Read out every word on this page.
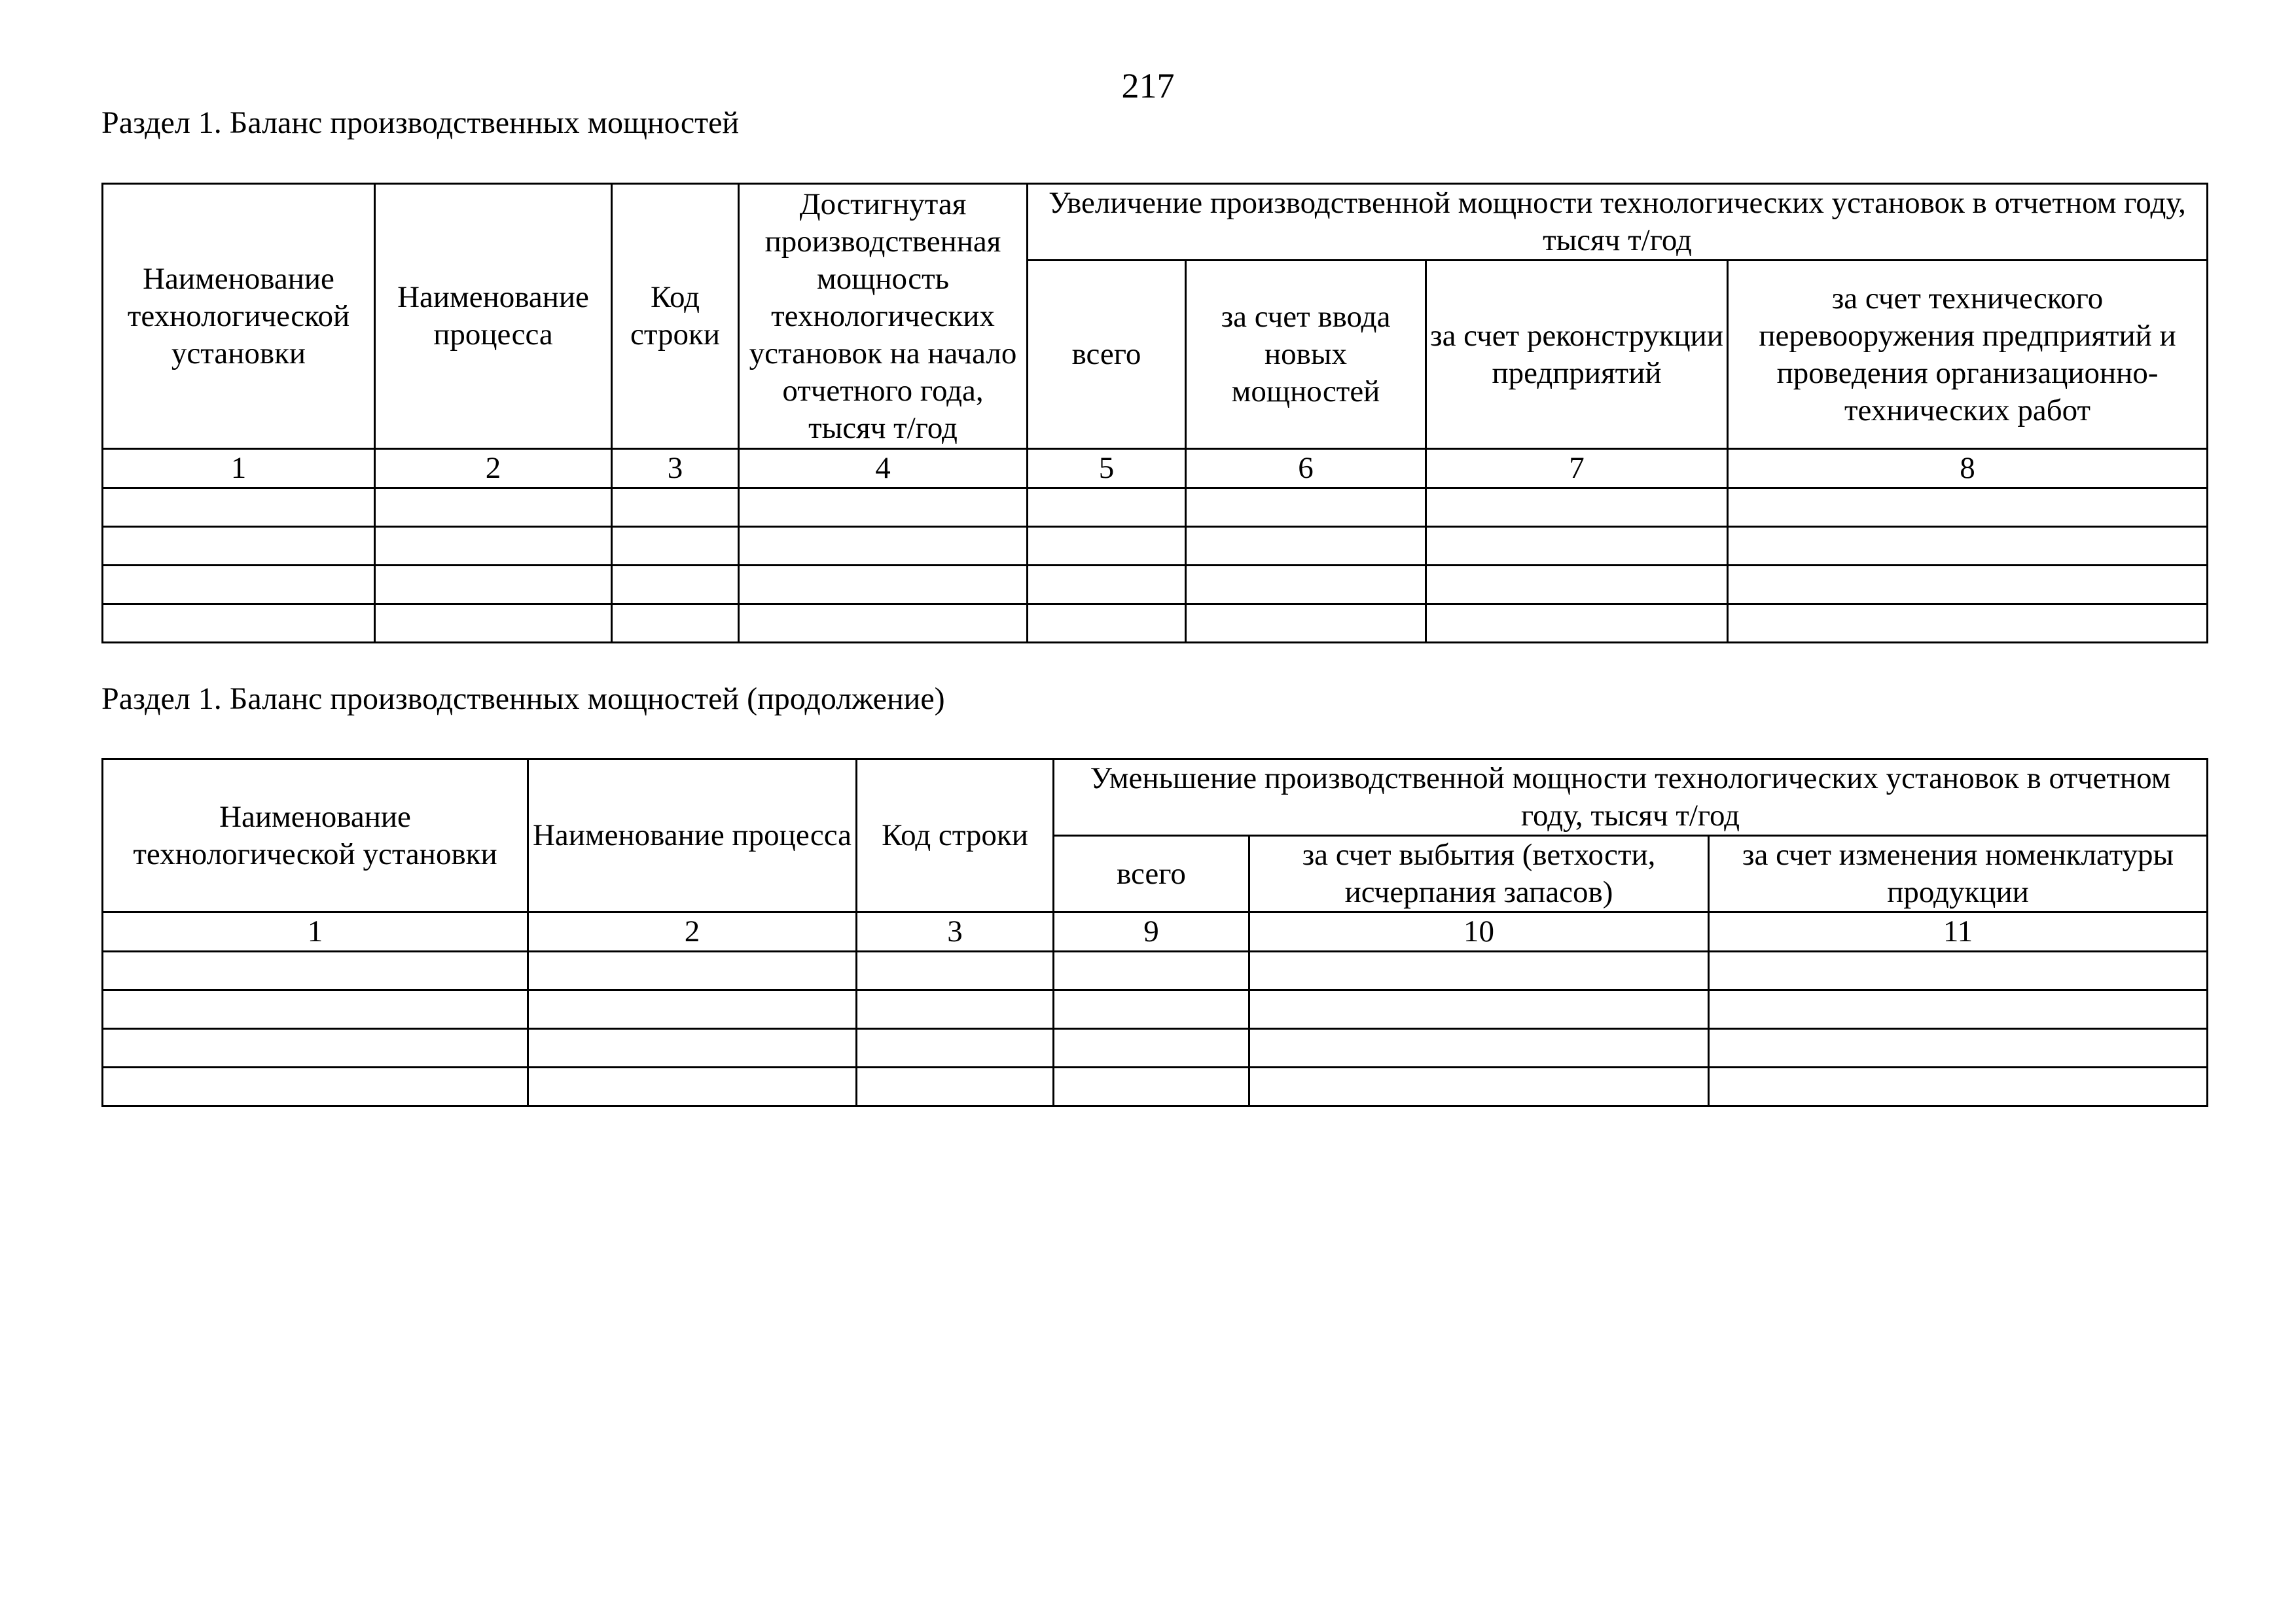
217
Раздел 1. Баланс производственных мощностей
Наименование технологической установки	Наименование процесса	Код строки	Достигнутая производственная мощность технологических установок на начало отчетного года, тысяч т/год	Увеличение производственной мощности технологических установок в отчетном году, тысяч т/год			
				всего	за счет ввода новых мощностей	за счет реконструкции предприятий	за счет технического перевооружения предприятий и проведения организационно-технических работ
1	2	3	4	5	6	7	8

Раздел 1. Баланс производственных мощностей (продолжение)
Наименование технологической установки	Наименование процесса	Код строки	Уменьшение производственной мощности технологических установок в отчетном году, тысяч т/год		
			всего	за счет выбытия (ветхости, исчерпания запасов)	за счет изменения номенклатуры продукции
1	2	3	9	10	11
